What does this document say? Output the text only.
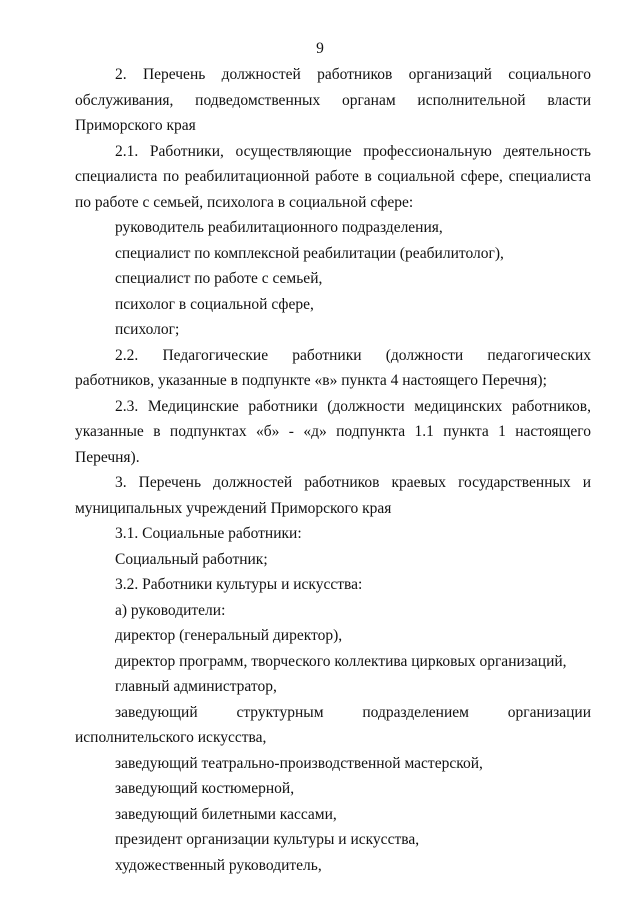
9

2. Перечень должностей работников организаций социального обслуживания, подведомственных органам исполнительной власти Приморского края

2.1. Работники, осуществляющие профессиональную деятельность специалиста по реабилитационной работе в социальной сфере, специалиста по работе с семьей, психолога в социальной сфере:

руководитель реабилитационного подразделения,

специалист по комплексной реабилитации (реабилитолог),

специалист по работе с семьей,

психолог в социальной сфере,

психолог;

2.2. Педагогические работники (должности педагогических работников, указанные в подпункте «в» пункта 4 настоящего Перечня);

2.3. Медицинские работники (должности медицинских работников, указанные в подпунктах «б» - «д» подпункта 1.1 пункта 1 настоящего Перечня).

3. Перечень должностей работников краевых государственных и муниципальных учреждений Приморского края

3.1. Социальные работники:

Социальный работник;

3.2. Работники культуры и искусства:

а) руководители:

директор (генеральный директор),

директор программ, творческого коллектива цирковых организаций,

главный администратор,

заведующий структурным подразделением организации исполнительского искусства,

заведующий театрально-производственной мастерской,

заведующий костюмерной,

заведующий билетными кассами,

президент организации культуры и искусства,

художественный руководитель,
